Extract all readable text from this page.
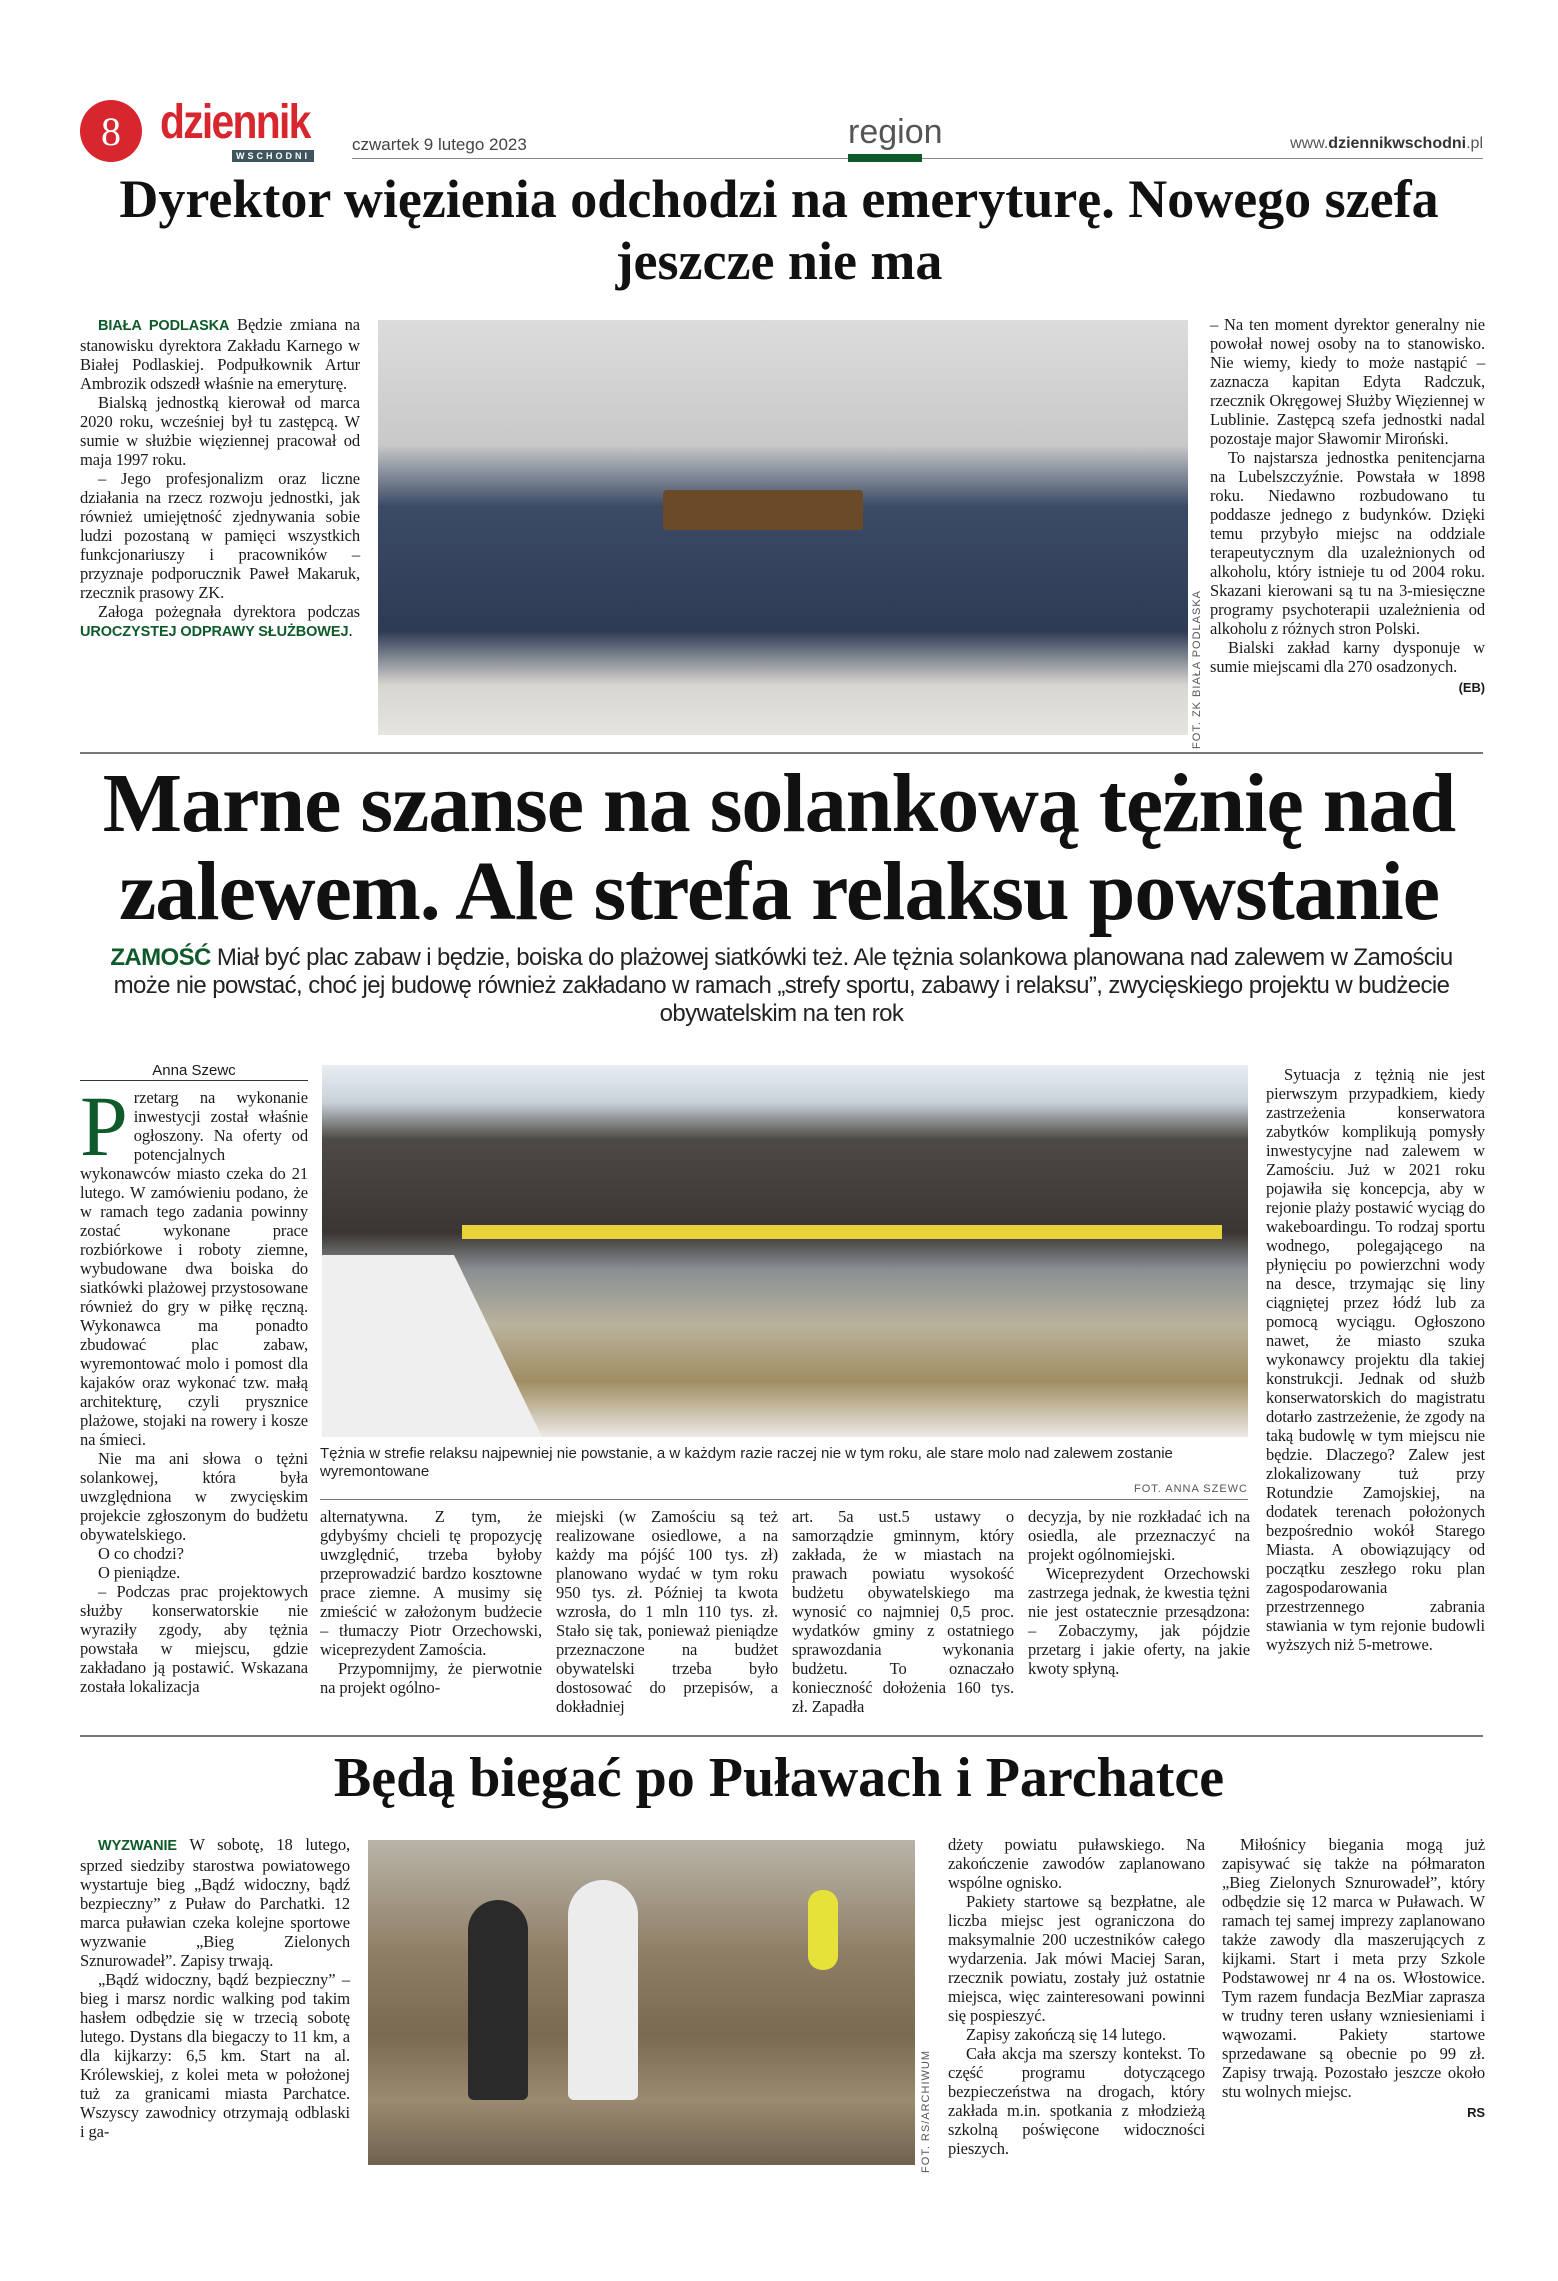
8 dziennik
WSCHODNI
czwartek 9 lutego 2023	region	www.dziennikwschodni.pl
Dyrektor więzienia odchodzi na emeryturę. Nowego szefa jeszcze nie ma

BIAŁA PODLASKA Będzie zmiana na stanowisku dyrektora Zakładu Karnego w Białej Podlaskiej. Podpułkownik Artur Ambrozik odszedł właśnie na emeryturę.

Bialską jednostką kierował od marca 2020 roku, wcześniej był tu zastępcą. W sumie w służbie więziennej pracował od maja 1997 roku.

– Jego profesjonalizm oraz liczne działania na rzecz rozwoju jednostki, jak również umiejętność zjednywania sobie ludzi pozostaną w pamięci wszystkich funkcjonariuszy i pracowników – przyznaje podporucznik Paweł Makaruk, rzecznik prasowy ZK.

Załoga pożegnała dyrektora podczas UROCZYSTEJ ODPRAWY SŁUŻBOWEJ.	FOT. ZK BIAŁA PODLASKA

– Na ten moment dyrektor generalny nie powołał nowej osoby na to stanowisko. Nie wiemy, kiedy to może nastąpić – zaznacza kapitan Edyta Radczuk, rzecznik Okręgowej Służby Więziennej w Lublinie. Zastępcą szefa jednostki nadal pozostaje major Sławomir Miroński.

To najstarsza jednostka penitencjarna na Lubelszczyźnie. Powstała w 1898 roku. Niedawno rozbudowano tu poddasze jednego z budynków. Dzięki temu przybyło miejsc na oddziale terapeutycznym dla uzależnionych od alkoholu, który istnieje tu od 2004 roku. Skazani kierowani są tu na 3-miesięczne programy psychoterapii uzależnienia od alkoholu z różnych stron Polski.

Bialski zakład karny dysponuje w sumie miejscami dla 270 osadzonych.

(EB)

Marne szanse na solankową tężnię nad zalewem. Ale strefa relaksu powstanie
ZAMOŚĆ Miał być plac zabaw i będzie, boiska do plażowej siatkówki też. Ale tężnia solankowa planowana nad zalewem w Zamościu może nie powstać, choć jej budowę również zakładano w ramach „strefy sportu, zabawy i relaksu”, zwycięskiego projektu w budżecie obywatelskim na ten rok
Anna Szewc
P rzetarg na wykonanie inwestycji został właśnie ogłoszony. Na oferty od potencjalnych wykonawców miasto czeka do 21 lutego. W zamówieniu podano, że w ramach tego zadania powinny zostać wykonane prace rozbiórkowe i roboty ziemne, wybudowane dwa boiska do siatkówki plażowej przystosowane również do gry w piłkę ręczną. Wykonawca ma ponadto zbudować plac zabaw, wyremontować molo i pomost dla kajaków oraz wykonać tzw. małą architekturę, czyli prysznice plażowe, stojaki na rowery i kosze na śmieci.

Nie ma ani słowa o tężni solankowej, która była uwzględniona w zwycięskim projekcie zgłoszonym do budżetu obywatelskiego.

O co chodzi?

O pieniądze.

– Podczas prac projektowych służby konserwatorskie nie wyraziły zgody, aby tężnia powstała w miejscu, gdzie zakładano ją postawić. Wskazana została lokalizacja

Tężnia w strefie relaksu najpewniej nie powstanie, a w każdym razie raczej nie w tym roku, ale stare molo nad zalewem zostanie wyremontowane
FOT. ANNA SZEWC

alternatywna. Z tym, że gdybyśmy chcieli tę propozycję uwzględnić, trzeba byłoby przeprowadzić bardzo kosztowne prace ziemne. A musimy się zmieścić w założonym budżecie – tłumaczy Piotr Orzechowski, wiceprezydent Zamościa.

Przypomnijmy, że pierwotnie na projekt ogólno-

miejski (w Zamościu są też realizowane osiedlowe, a na każdy ma pójść 100 tys. zł) planowano wydać w tym roku 950 tys. zł. Później ta kwota wzrosła, do 1 mln 110 tys. zł. Stało się tak, ponieważ pieniądze przeznaczone na budżet obywatelski trzeba było dostosować do przepisów, a dokładniej

art. 5a ust.5 ustawy o samorządzie gminnym, który zakłada, że w miastach na prawach powiatu wysokość budżetu obywatelskiego ma wynosić co najmniej 0,5 proc. wydatków gminy z ostatniego sprawozdania wykonania budżetu. To oznaczało konieczność dołożenia 160 tys. zł. Zapadła

decyzja, by nie rozkładać ich na osiedla, ale przeznaczyć na projekt ogólnomiejski.

Wiceprezydent Orzechowski zastrzega jednak, że kwestia tężni nie jest ostatecznie przesądzona: – Zobaczymy, jak pójdzie przetarg i jakie oferty, na jakie kwoty spłyną.

Sytuacja z tężnią nie jest pierwszym przypadkiem, kiedy zastrzeżenia konserwatora zabytków komplikują pomysły inwestycyjne nad zalewem w Zamościu. Już w 2021 roku pojawiła się koncepcja, aby w rejonie plaży postawić wyciąg do wakeboardingu. To rodzaj sportu wodnego, polegającego na płynięciu po powierzchni wody na desce, trzymając się liny ciągniętej przez łódź lub za pomocą wyciągu. Ogłoszono nawet, że miasto szuka wykonawcy projektu dla takiej konstrukcji. Jednak od służb konserwatorskich do magistratu dotarło zastrzeżenie, że zgody na taką budowlę w tym miejscu nie będzie. Dlaczego? Zalew jest zlokalizowany tuż przy Rotundzie Zamojskiej, na dodatek terenach położonych bezpośrednio wokół Starego Miasta. A obowiązujący od początku zeszłego roku plan zagospodarowania przestrzennego zabrania stawiania w tym rejonie budowli wyższych niż 5-metrowe.

Będą biegać po Puławach i Parchatce

WYZWANIE W sobotę, 18 lutego, sprzed siedziby starostwa powiatowego wystartuje bieg „Bądź widoczny, bądź bezpieczny” z Puław do Parchatki. 12 marca puławian czeka kolejne sportowe wyzwanie „Bieg Zielonych Sznurowadeł”. Zapisy trwają.

„Bądź widoczny, bądź bezpieczny” – bieg i marsz nordic walking pod takim hasłem odbędzie się w trzecią sobotę lutego. Dystans dla biegaczy to 11 km, a dla kijkarzy: 6,5 km. Start na al. Królewskiej, z kolei meta w położonej tuż za granicami miasta Parchatce. Wszyscy zawodnicy otrzymają odblaski i ga-	FOT. RS/ARCHIWUM

dżety powiatu puławskiego. Na zakończenie zawodów zaplanowano wspólne ognisko.

Pakiety startowe są bezpłatne, ale liczba miejsc jest ograniczona do maksymalnie 200 uczestników całego wydarzenia. Jak mówi Maciej Saran, rzecznik powiatu, zostały już ostatnie miejsca, więc zainteresowani powinni się pospieszyć.

Zapisy zakończą się 14 lutego.

Cała akcja ma szerszy kontekst. To część programu dotyczącego bezpieczeństwa na drogach, który zakłada m.in. spotkania z młodzieżą szkolną poświęcone widoczności pieszych.

Miłośnicy biegania mogą już zapisywać się także na półmaraton „Bieg Zielonych Sznurowadeł”, który odbędzie się 12 marca w Puławach. W ramach tej samej imprezy zaplanowano także zawody dla maszerujących z kijkami. Start i meta przy Szkole Podstawowej nr 4 na os. Włostowice. Tym razem fundacja BezMiar zaprasza w trudny teren usłany wzniesieniami i wąwozami. Pakiety startowe sprzedawane są obecnie po 99 zł. Zapisy trwają. Pozostało jeszcze około stu wolnych miejsc.

RS
